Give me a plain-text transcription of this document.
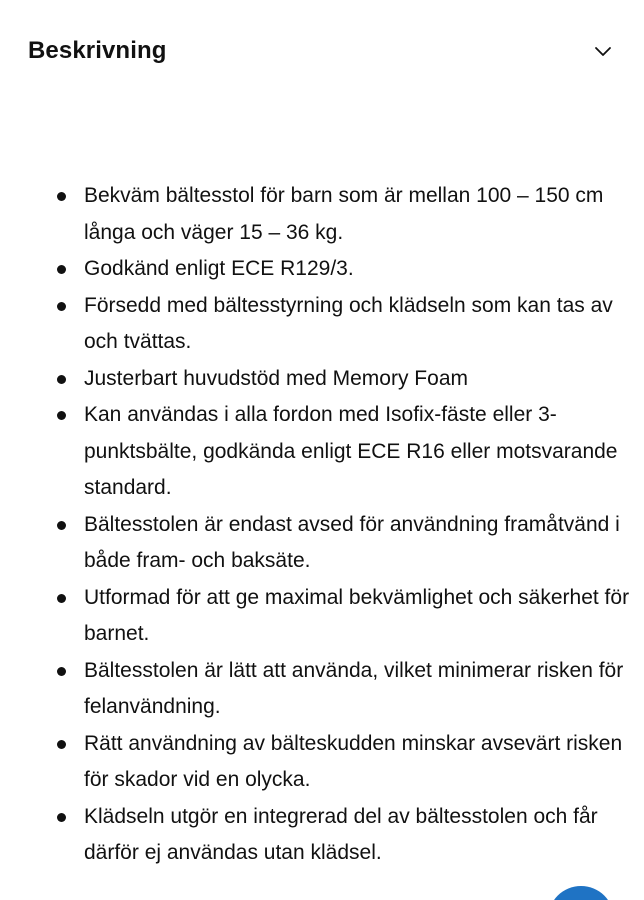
Beskrivning
Bekväm bältesstol för barn som är mellan 100 – 150 cm långa och väger 15 – 36 kg.
Godkänd enligt ECE R129/3.
Försedd med bältesstyrning och klädseln som kan tas av och tvättas.
Justerbart huvudstöd med Memory Foam
Kan användas i alla fordon med Isofix-fäste eller 3-punktsbälte, godkända enligt ECE R16 eller motsvarande standard.
Bältesstolen är endast avsed för användning framåtvänd i både fram- och baksäte.
Utformad för att ge maximal bekvämlighet och säkerhet för barnet.
Bältesstolen är lätt att använda, vilket minimerar risken för felanvändning.
Rätt användning av bälteskudden minskar avsevärt risken för skador vid en olycka.
Klädseln utgör en integrerad del av bältesstolen och får därför ej användas utan klädsel.
